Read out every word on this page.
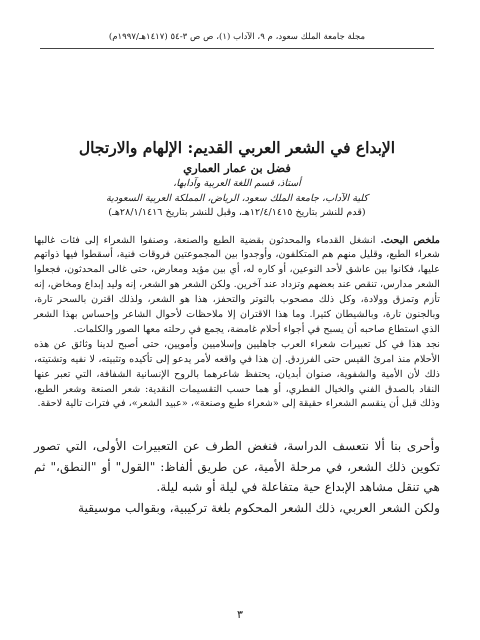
مجلة جامعة الملك سعود، م ٩، الآداب (١)، ص ص ٣-٥٤ (١٤١٧هـ/١٩٩٧م)
الإبداع في الشعر العربي القديم: الإلهام والارتجال

فضل بن عمار العماري

أستاذ، قسم اللغة العربية وآدابها،

كلية الآداب، جامعة الملك سعود، الرياض، المملكة العربية السعودية

(قدم للنشر بتاريخ ١٢/٤/١٤١٥هـ، وقبل للنشر بتاريخ ٢٨/١/١٤١٦هـ)

ملخص البحث. انشغل القدماء والمحدثون بقضية الطبع والصنعة، وصنفوا الشعراء إلى فئات غالبها شعراء الطبع، وقليل منهم هم المتكلفون، وأوجدوا بين المجموعتين فروقات فنية، أسقطوا فيها ذواتهم عليها، فكانوا بين عاشق لأحد النوعين، أو كاره له، أي بين مؤيد ومعارض، حتى غالى المحدثون، فجعلوا الشعر مدارس، تنقص عند بعضهم وتزداد عند آخرين. ولكن الشعر هو الشعر، إنه وليد إبداع ومخاض، إنه تأزم وتمزق وولادة، وكل ذلك مصحوب بالتوتر والتحفز، هذا هو الشعر، ولذلك اقترن بالسحر تارة، وبالجنون تارة، وبالشيطان كثيرا. وما هذا الاقتران إلا ملاحظات لأحوال الشاعر وإحساس بهذا الشعر الذي استطاع صاحبه أن يسبح في أجواء أحلام غامضة، يجمع في رحلته معها الصور والكلمات.

نجد هذا في كل تعبيرات شعراء العرب جاهليين وإسلاميين وأمويين، حتى أصبح لدينا وثائق عن هذه الأحلام منذ امرئ القيس حتى الفرزدق. إن هذا في واقعه لأمر يدعو إلى تأكيده وتثبيته، لا نفيه وتشتيته، ذلك لأن الأمية والشفوية، صنوان أبديان، يحتفظ شاعرهما بالروح الإنسانية الشفافة، التي تعبر عنها النقاد بالصدق الفني والخيال الفطري، أو هما حسب التقسيمات النقدية: شعر الصنعة وشعر الطبع، وذلك قبل أن ينقسم الشعراء حقيقة إلى «شعراء طبع وصنعة»، «عبيد الشعر»، في فترات تالية لاحقة.

وأحرى بنا ألا نتعسف الدراسة، فنغض الطرف عن التعبيرات الأولى، التي تصور تكوين ذلك الشعر، في مرحلة الأمية، عن طريق ألفاظ: "القول" أو "النطق،" ثم هي تنقل مشاهد الإبداع حية متفاعلة في ليلة أو شبه ليلة.

ولكن الشعر العربي، ذلك الشعر المحكوم بلغة تركيبية، وبقوالب موسيقية

٣
